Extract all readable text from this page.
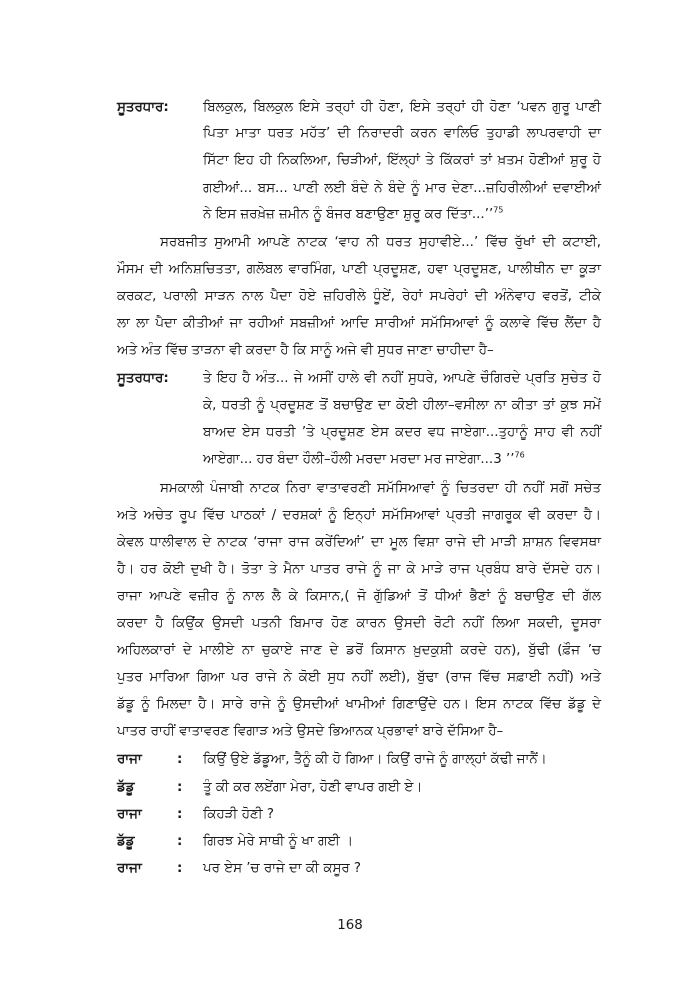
ਸੂਤਰਧਾਰ:	ਬਿਲਕੁਲ, ਬਿਲਕੁਲ ਇਸੇ ਤਰ੍ਹਾਂ ਹੀ ਹੋਣਾ, ਇਸੇ ਤਰ੍ਹਾਂ ਹੀ ਹੋਣਾ ‘ਪਵਨ ਗੁਰੂ ਪਾਣੀ
ਪਿਤਾ ਮਾਤਾ ਧਰਤ ਮਹੱਤ’ ਦੀ ਨਿਰਾਦਰੀ ਕਰਨ ਵਾਲਿਓ ਤੁਹਾਡੀ ਲਾਪਰਵਾਹੀ ਦਾ
ਸਿੱਟਾ ਇਹ ਹੀ ਨਿਕਲਿਆ, ਚਿੜੀਆਂ, ਇੱਲ੍ਹਾਂ ਤੇ ਕਿੱਕਰਾਂ ਤਾਂ ਖ਼ਤਮ ਹੋਣੀਆਂ ਸ਼ੁਰੂ ਹੋ
ਗਈਆਂ... ਬਸ... ਪਾਣੀ ਲਈ ਬੰਦੇ ਨੇ ਬੰਦੇ ਨੂੰ ਮਾਰ ਦੇਣਾ...ਜ਼ਹਿਰੀਲੀਆਂ ਦਵਾਈਆਂ
ਨੇ ਇਸ ਜ਼ਰਖ਼ੇਜ਼ ਜ਼ਮੀਨ ਨੂੰ ਬੰਜਰ ਬਣਾਉਣਾ ਸ਼ੁਰੂ ਕਰ ਦਿੱਤਾ...’’$^{75}$
ਸਰਬਜੀਤ ਸੁਆਮੀ ਆਪਣੇ ਨਾਟਕ ‘ਵਾਹ ਨੀ ਧਰਤ ਸੁਹਾਵੀਏ...’ ਵਿੱਚ ਰੁੱਖਾਂ ਦੀ ਕਟਾਈ,
ਮੌਸਮ ਦੀ ਅਨਿਸ਼ਚਿਤਤਾ, ਗਲੋਬਲ ਵਾਰਮਿੰਗ, ਪਾਣੀ ਪ੍ਰਦੂਸ਼ਣ, ਹਵਾ ਪ੍ਰਦੂਸ਼ਣ, ਪਾਲੀਥੀਨ ਦਾ ਕੂੜਾ
ਕਰਕਟ, ਪਰਾਲੀ ਸਾੜਨ ਨਾਲ ਪੈਦਾ ਹੋਏ ਜ਼ਹਿਰੀਲੇ ਧੂੰਏਂ, ਰੇਹਾਂ ਸਪਰੇਹਾਂ ਦੀ ਅੰਨੇਵਾਹ ਵਰਤੋਂ, ਟੀਕੇ
ਲਾ ਲਾ ਪੈਦਾ ਕੀਤੀਆਂ ਜਾ ਰਹੀਆਂ ਸਬਜ਼ੀਆਂ ਆਦਿ ਸਾਰੀਆਂ ਸਮੱਸਿਆਵਾਂ ਨੂੰ ਕਲਾਵੇ ਵਿੱਚ ਲੈਂਦਾ ਹੈ
ਅਤੇ ਅੰਤ ਵਿੱਚ ਤਾੜਨਾ ਵੀ ਕਰਦਾ ਹੈ ਕਿ ਸਾਨੂੰ ਅਜੇ ਵੀ ਸੁਧਰ ਜਾਣਾ ਚਾਹੀਦਾ ਹੈ–
ਸੂਤਰਧਾਰ:	ਤੇ ਇਹ ਹੈ ਅੰਤ... ਜੇ ਅਸੀਂ ਹਾਲੇ ਵੀ ਨਹੀਂ ਸੁਧਰੇ, ਆਪਣੇ ਚੌਗਿਰਦੇ ਪ੍ਰਤਿ ਸੁਚੇਤ ਹੋ
ਕੇ, ਧਰਤੀ ਨੂੰ ਪ੍ਰਦੂਸ਼ਣ ਤੋਂ ਬਚਾਉਣ ਦਾ ਕੋਈ ਹੀਲਾ–ਵਸੀਲਾ ਨਾ ਕੀਤਾ ਤਾਂ ਕੁਝ ਸਮੇਂ
ਬਾਅਦ ਏਸ ਧਰਤੀ ’ਤੇ ਪ੍ਰਦੂਸ਼ਣ ਏਸ ਕਦਰ ਵਧ ਜਾਏਗਾ...ਤੁਹਾਨੂੰ ਸਾਹ ਵੀ ਨਹੀਂ
ਆਏਗਾ... ਹਰ ਬੰਦਾ ਹੌਲੀ–ਹੌਲੀ ਮਰਦਾ ਮਰਦਾ ਮਰ ਜਾਏਗਾ...3 ’’$^{76}$
ਸਮਕਾਲੀ ਪੰਜਾਬੀ ਨਾਟਕ ਨਿਰਾ ਵਾਤਾਵਰਣੀ ਸਮੱਸਿਆਵਾਂ ਨੂੰ ਚਿਤਰਦਾ ਹੀ ਨਹੀਂ ਸਗੋਂ ਸਚੇਤ
ਅਤੇ ਅਚੇਤ ਰੂਪ ਵਿੱਚ ਪਾਠਕਾਂ / ਦਰਸ਼ਕਾਂ ਨੂੰ ਇਨ੍ਹਾਂ ਸਮੱਸਿਆਵਾਂ ਪ੍ਰਤੀ ਜਾਗਰੂਕ ਵੀ ਕਰਦਾ ਹੈ।
ਕੇਵਲ ਧਾਲੀਵਾਲ ਦੇ ਨਾਟਕ ‘ਰਾਜਾ ਰਾਜ ਕਰੇਂਦਿਆਂ’ ਦਾ ਮੂਲ ਵਿਸ਼ਾ ਰਾਜੇ ਦੀ ਮਾੜੀ ਸ਼ਾਸ਼ਨ ਵਿਵਸਥਾ
ਹੈ। ਹਰ ਕੋਈ ਦੁਖੀ ਹੈ। ਤੋਤਾ ਤੇ ਮੈਨਾ ਪਾਤਰ ਰਾਜੇ ਨੂੰ ਜਾ ਕੇ ਮਾੜੇ ਰਾਜ ਪ੍ਰਬੰਧ ਬਾਰੇ ਦੱਸਦੇ ਹਨ।
ਰਾਜਾ ਆਪਣੇ ਵਜ਼ੀਰ ਨੂੰ ਨਾਲ ਲੈ ਕੇ ਕਿਸਾਨ,( ਜੋ ਗੁੱਡਿਆਂ ਤੋਂ ਧੀਆਂ ਭੈਣਾਂ ਨੂੰ ਬਚਾਉਣ ਦੀ ਗੱਲ
ਕਰਦਾ ਹੈ ਕਿਉਂਕ ਉਸਦੀ ਪਤਨੀ ਬਿਮਾਰ ਹੋਣ ਕਾਰਨ ਉਸਦੀ ਰੋਟੀ ਨਹੀਂ ਲਿਆ ਸਕਦੀ, ਦੂਸਰਾ
ਅਹਿਲਕਾਰਾਂ ਦੇ ਮਾਲੀਏ ਨਾ ਚੁਕਾਏ ਜਾਣ ਦੇ ਡਰੋਂ ਕਿਸਾਨ ਖ਼ੁਦਕੁਸ਼ੀ ਕਰਦੇ ਹਨ), ਬੁੱਢੀ (ਫ਼ੌਜ ’ਚ
ਪੁਤਰ ਮਾਰਿਆ ਗਿਆ ਪਰ ਰਾਜੇ ਨੇ ਕੋਈ ਸੁਧ ਨਹੀਂ ਲਈ), ਬੁੱਢਾ (ਰਾਜ ਵਿੱਚ ਸਫ਼ਾਈ ਨਹੀਂ) ਅਤੇ
ਡੱਡੂ ਨੂੰ ਮਿਲਦਾ ਹੈ। ਸਾਰੇ ਰਾਜੇ ਨੂੰ ਉਸਦੀਆਂ ਖਾਮੀਆਂ ਗਿਣਾਉਂਦੇ ਹਨ। ਇਸ ਨਾਟਕ ਵਿੱਚ ਡੱਡੂ ਦੇ
ਪਾਤਰ ਰਾਹੀਂ ਵਾਤਾਵਰਣ ਵਿਗਾੜ ਅਤੇ ਉਸਦੇ ਭਿਆਨਕ ਪ੍ਰਭਾਵਾਂ ਬਾਰੇ ਦੱਸਿਆ ਹੈ–
ਰਾਜਾ	: ਕਿਉਂ ਉਏ ਡੱਡੂਆ, ਤੈਨੂੰ ਕੀ ਹੋ ਗਿਆ। ਕਿਉਂ ਰਾਜੇ ਨੂੰ ਗਾਲ੍ਹਾਂ ਕੱਢੀ ਜਾਨੈਂ।
ਡੱਡੂ	: ਤੂੰ ਕੀ ਕਰ ਲਏਂਗਾ ਮੇਰਾ, ਹੋਣੀ ਵਾਪਰ ਗਈ ਏ।
ਰਾਜਾ	: ਕਿਹੜੀ ਹੋਣੀ ?
ਡੱਡੂ	: ਗਿਰਝ ਮੇਰੇ ਸਾਥੀ ਨੂੰ ਖਾ ਗਈ ।
ਰਾਜਾ	: ਪਰ ਏਸ ’ਚ ਰਾਜੇ ਦਾ ਕੀ ਕਸੂਰ ?
168
